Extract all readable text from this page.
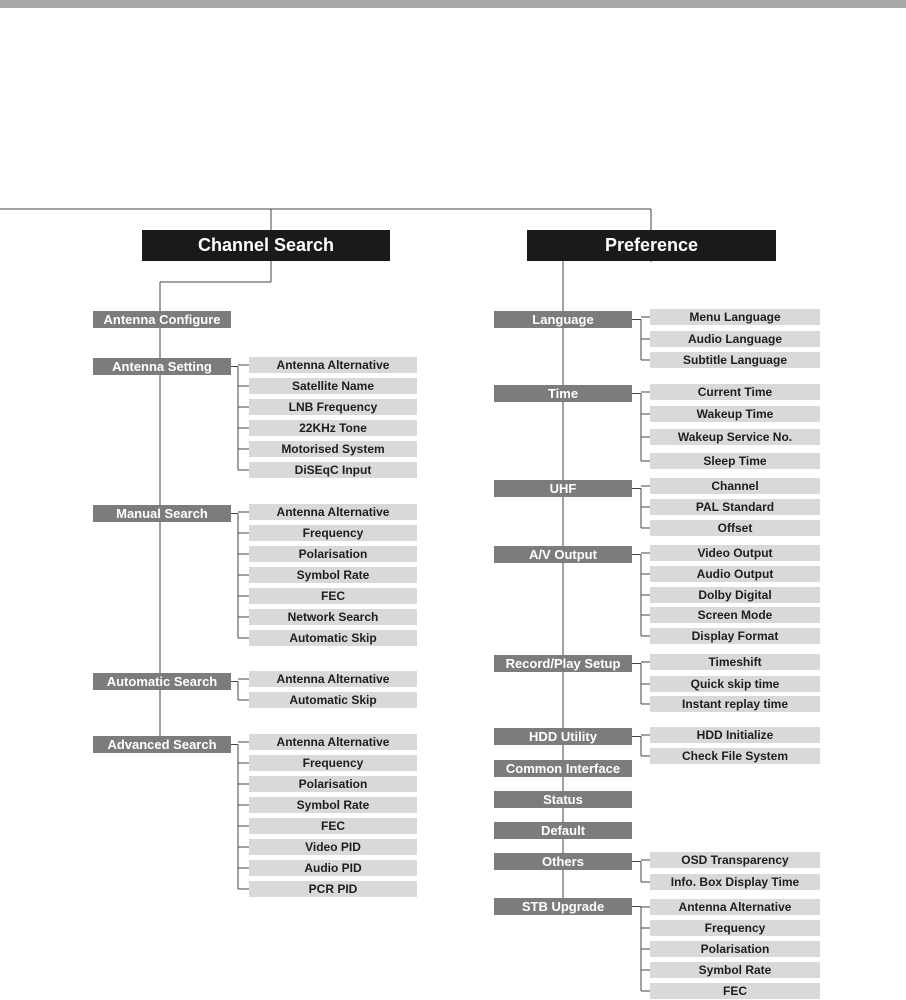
Channel Search	Preference
Antenna Configure
Antenna Setting	Antenna Alternative
Satellite Name
LNB Frequency
22KHz Tone
Motorised System
DiSEqC Input
Manual Search	Antenna Alternative
Frequency
Polarisation
Symbol Rate
FEC
Network Search
Automatic Skip
Automatic Search	Antenna Alternative
Automatic Skip
Advanced Search	Antenna Alternative
Frequency
Polarisation
Symbol Rate
FEC
Video PID
Audio PID
PCR PID
Language	Menu Language
Audio Language
Subtitle Language
Time	Current Time
Wakeup Time
Wakeup Service No.
Sleep Time
UHF	Channel
PAL Standard
Offset
A/V Output	Video Output
Audio Output
Dolby Digital
Screen Mode
Display Format
Record/Play Setup	Timeshift
Quick skip time
Instant replay time
HDD Utility	HDD Initialize
Check File System
Common Interface
Status
Default
Others	OSD Transparency
Info. Box Display Time
STB Upgrade	Antenna Alternative
Frequency
Polarisation
Symbol Rate
FEC
